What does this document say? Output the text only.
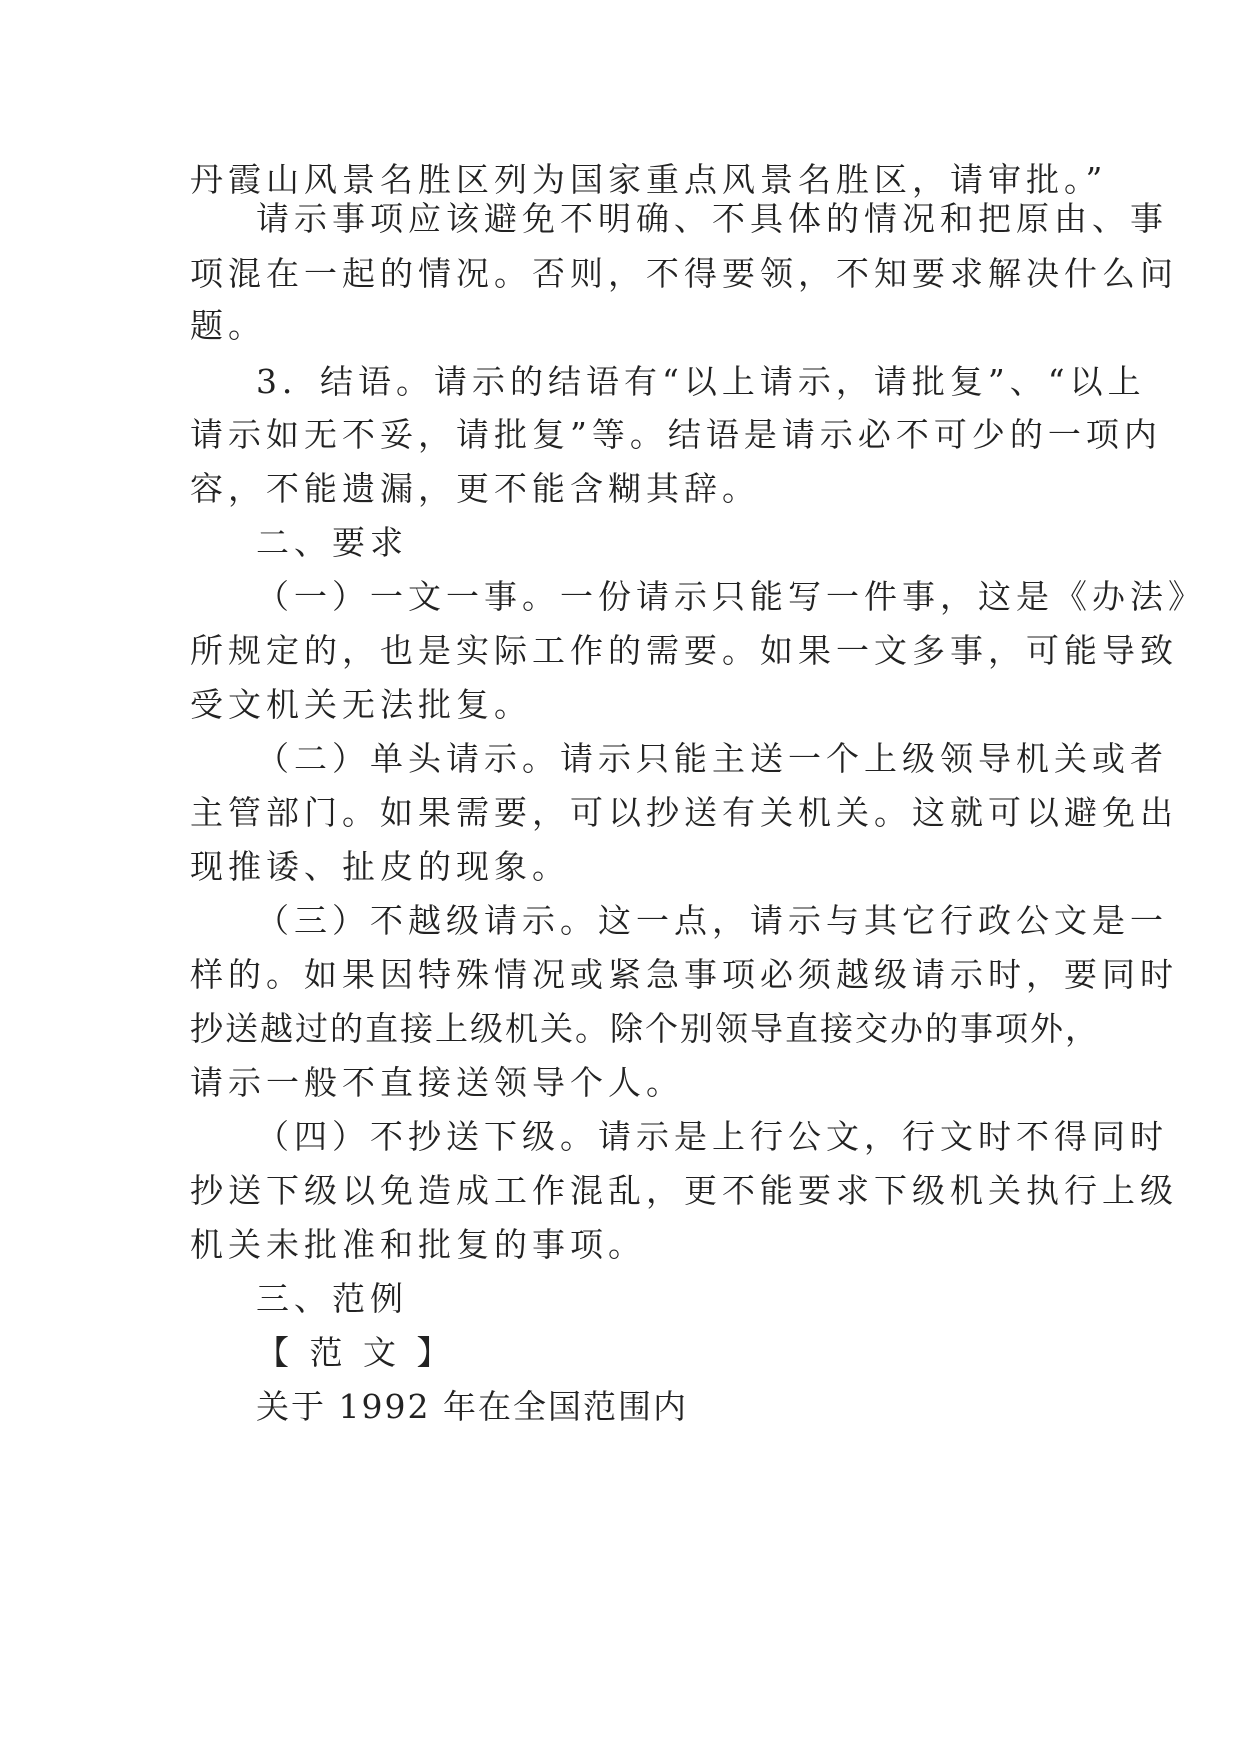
丹霞山风景名胜区列为国家重点风景名胜区，请审批。”
请示事项应该避免不明确、不具体的情况和把原由、事
项混在一起的情况。否则，不得要领，不知要求解决什么问
题。
3．结语。请示的结语有“以上请示，请批复”、“以上
请示如无不妥，请批复”等。结语是请示必不可少的一项内
容，不能遗漏，更不能含糊其辞。
二、要求
（一）一文一事。一份请示只能写一件事，这是《办法》
所规定的，也是实际工作的需要。如果一文多事，可能导致
受文机关无法批复。
（二）单头请示。请示只能主送一个上级领导机关或者
主管部门。如果需要，可以抄送有关机关。这就可以避免出
现推诿、扯皮的现象。
（三）不越级请示。这一点，请示与其它行政公文是一
样的。如果因特殊情况或紧急事项必须越级请示时，要同时
抄送越过的直接上级机关。除个别领导直接交办的事项外，
请示一般不直接送领导个人。
（四）不抄送下级。请示是上行公文，行文时不得同时
抄送下级以免造成工作混乱，更不能要求下级机关执行上级
机关未批准和批复的事项。
三、范例
【 范 文 】
关于 1992 年在全国范围内
